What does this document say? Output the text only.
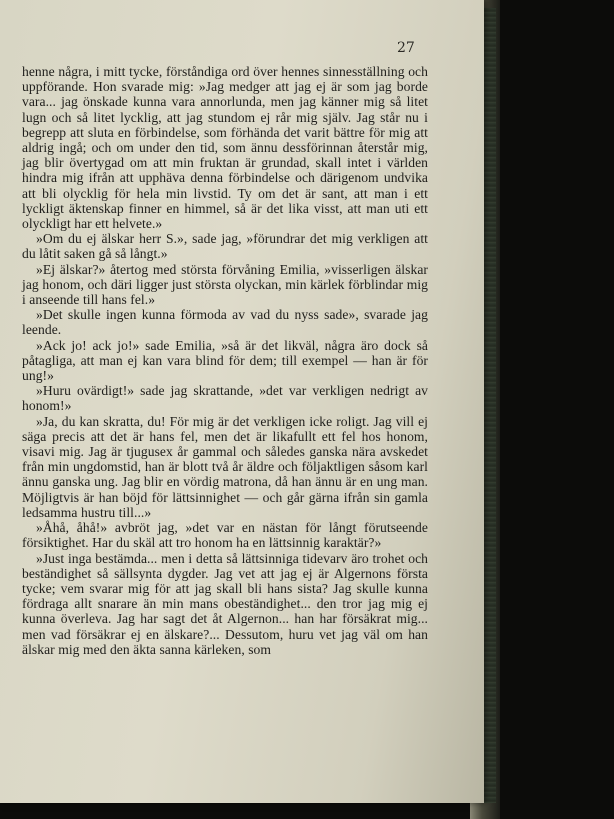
27

henne några, i mitt tycke, förståndiga ord över hennes sinnesställning och uppförande. Hon svarade mig: »Jag medger att jag ej är som jag borde vara... jag önskade kunna vara annorlunda, men jag känner mig så litet lugn och så litet lycklig, att jag stundom ej rår mig själv. Jag står nu i begrepp att sluta en förbindelse, som förhända det varit bättre för mig att aldrig ingå; och om under den tid, som ännu dessförinnan återstår mig, jag blir övertygad om att min fruktan är grundad, skall intet i världen hindra mig ifrån att upphäva denna förbindelse och därigenom undvika att bli olycklig för hela min livstid. Ty om det är sant, att man i ett lyckligt äktenskap finner en himmel, så är det lika visst, att man uti ett olyckligt har ett helvete.»

»Om du ej älskar herr S.», sade jag, »förundrar det mig verkligen att du låtit saken gå så långt.»

»Ej älskar?» återtog med största förvåning Emilia, »visserligen älskar jag honom, och däri ligger just största olyckan, min kärlek förblindar mig i anseende till hans fel.»

»Det skulle ingen kunna förmoda av vad du nyss sade», svarade jag leende.

»Ack jo! ack jo!» sade Emilia, »så är det likväl, några äro dock så påtagliga, att man ej kan vara blind för dem; till exempel — han är för ung!»

»Huru ovärdigt!» sade jag skrattande, »det var verkligen nedrigt av honom!»

»Ja, du kan skratta, du! För mig är det verkligen icke roligt. Jag vill ej säga precis att det är hans fel, men det är likafullt ett fel hos honom, visavi mig. Jag är tjugusex år gammal och således ganska nära avskedet från min ungdomstid, han är blott två år äldre och följaktligen såsom karl ännu ganska ung. Jag blir en vördig matrona, då han ännu är en ung man. Möjligtvis är han böjd för lättsinnighet — och går gärna ifrån sin gamla ledsamma hustru till...»

»Åhå, åhå!» avbröt jag, »det var en nästan för långt förutseende försiktighet. Har du skäl att tro honom ha en lättsinnig karaktär?»

»Just inga bestämda... men i detta så lättsinniga tidevarv äro trohet och beständighet så sällsynta dygder. Jag vet att jag ej är Algernons första tycke; vem svarar mig för att jag skall bli hans sista? Jag skulle kunna fördraga allt snarare än min mans obeständighet... den tror jag mig ej kunna överleva. Jag har sagt det åt Algernon... han har försäkrat mig... men vad försäkrar ej en älskare?... Dessutom, huru vet jag väl om han älskar mig med den äkta sanna kärleken, som
